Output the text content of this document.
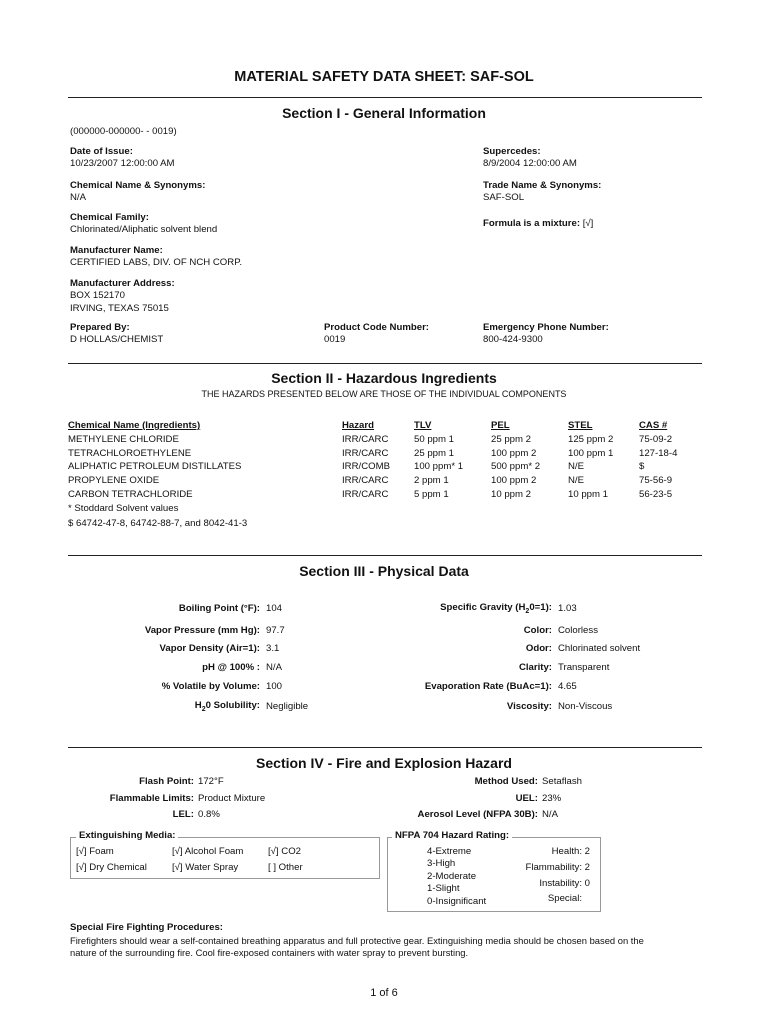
MATERIAL SAFETY DATA SHEET: SAF-SOL
Section I - General Information
(000000-000000- - 0019)
Date of Issue:
10/23/2007 12:00:00 AM
Supercedes:
8/9/2004 12:00:00 AM
Chemical Name & Synonyms:
N/A
Trade Name & Synonyms:
SAF-SOL
Chemical Family:
Chlorinated/Aliphatic solvent blend
Formula is a mixture: [√]
Manufacturer Name:
CERTIFIED LABS, DIV. OF NCH CORP.
Manufacturer Address:
BOX 152170
IRVING, TEXAS 75015
Prepared By:
D HOLLAS/CHEMIST
Product Code Number:
0019
Emergency Phone Number:
800-424-9300
Section II - Hazardous Ingredients
THE HAZARDS PRESENTED BELOW ARE THOSE OF THE INDIVIDUAL COMPONENTS
Chemical Name (Ingredients)	Hazard	TLV	PEL	STEL	CAS #
METHYLENE CHLORIDE	IRR/CARC	50 ppm 1	25 ppm 2	125 ppm 2	75-09-2
TETRACHLOROETHYLENE	IRR/CARC	25 ppm 1	100 ppm 2	100 ppm 1	127-18-4
ALIPHATIC PETROLEUM DISTILLATES	IRR/COMB	100 ppm* 1	500 ppm* 2	N/E	$
PROPYLENE OXIDE	IRR/CARC	2 ppm 1	100 ppm 2	N/E	75-56-9
CARBON TETRACHLORIDE	IRR/CARC	5 ppm 1	10 ppm 2	10 ppm 1	56-23-5
* Stoddard Solvent values
$ 64742-47-8, 64742-88-7, and 8042-41-3
Section III - Physical Data
Boiling Point (°F): 104	Specific Gravity $(H_20=1)$: 1.03
Vapor Pressure (mm Hg): 97.7	Color: Colorless
Vapor Density (Air=1): 3.1	Odor: Chlorinated solvent
pH @ 100% : N/A	Clarity: Transparent
% Volatile by Volume: 100	Evaporation Rate (BuAc=1): 4.65
$H_20$ Solubility: Negligible	Viscosity: Non-Viscous
Section IV - Fire and Explosion Hazard
Flash Point: 172°F	Method Used: Setaflash
Flammable Limits: Product Mixture	UEL: 23%
LEL: 0.8%	Aerosol Level (NFPA 30B): N/A
Extinguishing Media:
[√] Foam	[√] Alcohol Foam	[√] CO2
[√] Dry Chemical	[√] Water Spray	[ ] Other
NFPA 704 Hazard Rating:
4-Extreme
3-High
2-Moderate
1-Slight
0-Insignificant
Health: 2
Flammability: 2
Instability: 0
Special:
Special Fire Fighting Procedures:
Firefighters should wear a self-contained breathing apparatus and full protective gear. Extinguishing media should be chosen based on the
nature of the surrounding fire. Cool fire-exposed containers with water spray to prevent bursting.
1 of 6
